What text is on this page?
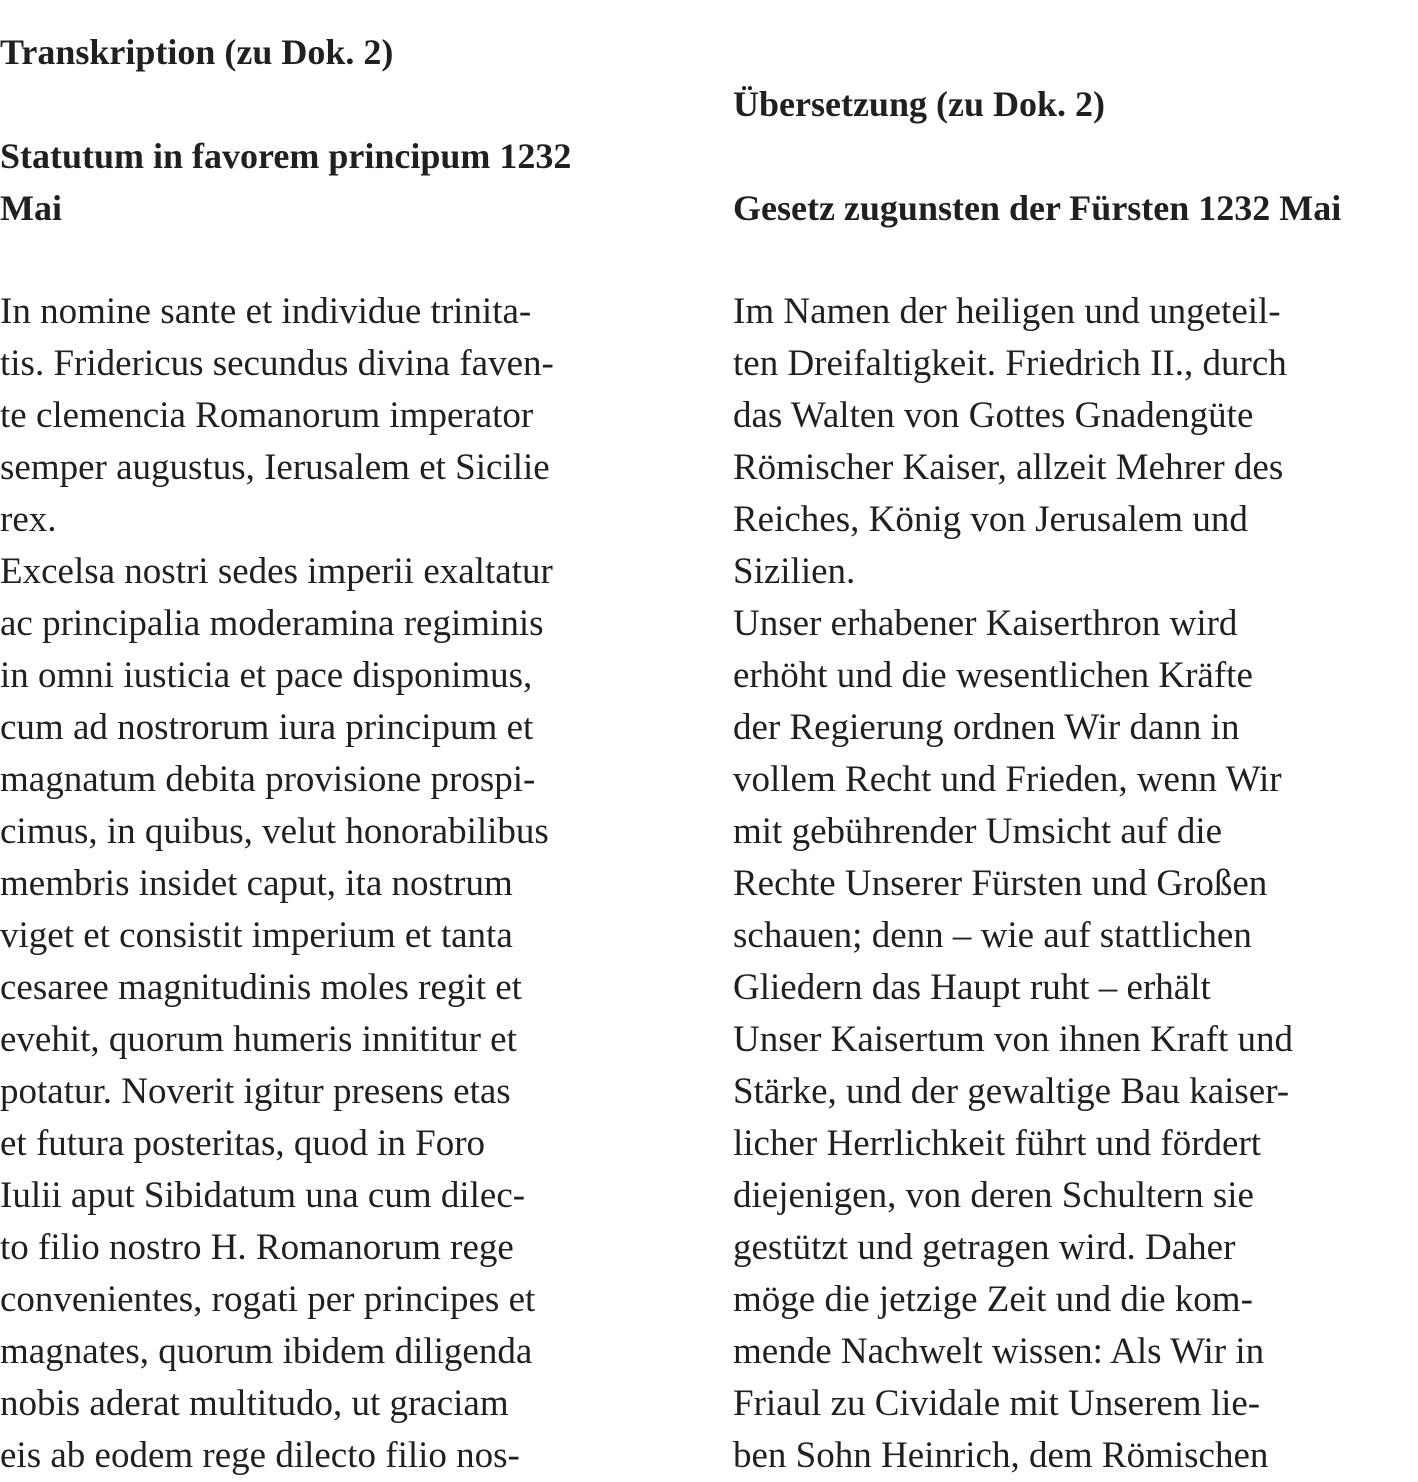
Transkription (zu Dok. 2)
Statutum in favorem principum 1232
Mai

In nomine sante et individue trinita-

tis. Fridericus secundus divina faven-

te clemencia Romanorum imperator

semper augustus, Ierusalem et Sicilie

rex.

Excelsa nostri sedes imperii exaltatur

ac principalia moderamina regiminis

in omni iusticia et pace disponimus,

cum ad nostrorum iura principum et

magnatum debita provisione prospi-

cimus, in quibus, velut honorabilibus

membris insidet caput, ita nostrum

viget et consistit imperium et tanta

cesaree magnitudinis moles regit et

evehit, quorum humeris innititur et

potatur. Noverit igitur presens etas

et futura posteritas, quod in Foro

Iulii aput Sibidatum una cum dilec-

to filio nostro H. Romanorum rege

convenientes, rogati per principes et

magnates, quorum ibidem diligenda

nobis aderat multitudo, ut graciam

eis ab eodem rege dilecto filio nos-

Übersetzung (zu Dok. 2)
Gesetz zugunsten der Fürsten 1232 Mai

Im Namen der heiligen und ungeteil-

ten Dreifaltigkeit. Friedrich II., durch

das Walten von Gottes Gnadengüte

Römischer Kaiser, allzeit Mehrer des

Reiches, König von Jerusalem und

Sizilien.

Unser erhabener Kaiserthron wird

erhöht und die wesentlichen Kräfte

der Regierung ordnen Wir dann in

vollem Recht und Frieden, wenn Wir

mit gebührender Umsicht auf die

Rechte Unserer Fürsten und Großen

schauen; denn – wie auf stattlichen

Gliedern das Haupt ruht – erhält

Unser Kaisertum von ihnen Kraft und

Stärke, und der gewaltige Bau kaiser-

licher Herrlichkeit führt und fördert

diejenigen, von deren Schultern sie

gestützt und getragen wird. Daher

möge die jetzige Zeit und die kom-

mende Nachwelt wissen: Als Wir in

Friaul zu Cividale mit Unserem lie-

ben Sohn Heinrich, dem Römischen
